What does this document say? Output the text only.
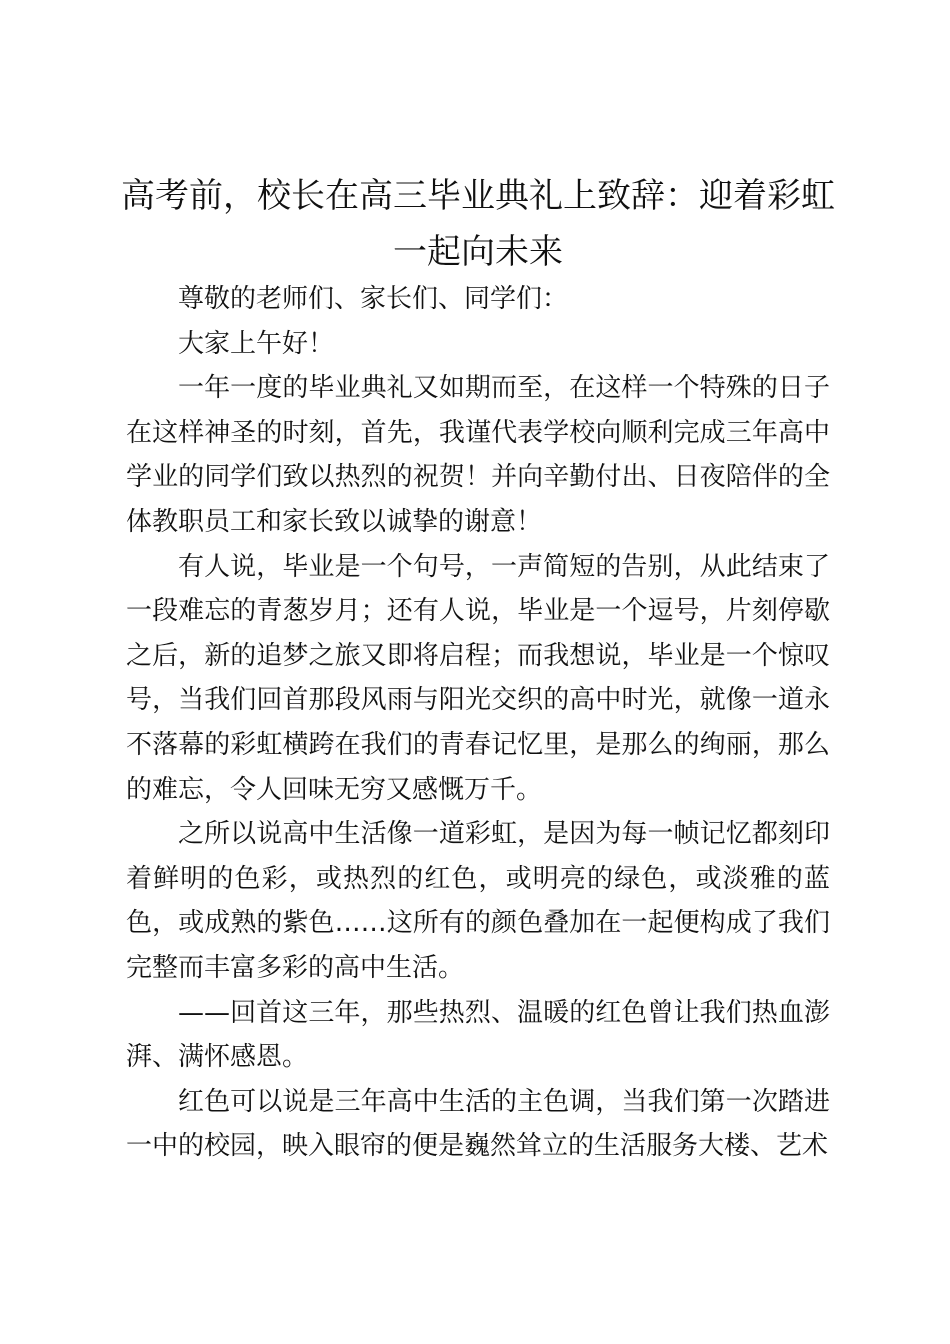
高考前，校长在高三毕业典礼上致辞：迎着彩虹一起向未来

尊敬的老师们、家长们、同学们：

大家上午好！

一年一度的毕业典礼又如期而至，在这样一个特殊的日子在这样神圣的时刻，首先，我谨代表学校向顺利完成三年高中学业的同学们致以热烈的祝贺！并向辛勤付出、日夜陪伴的全体教职员工和家长致以诚挚的谢意！

有人说，毕业是一个句号，一声简短的告别，从此结束了一段难忘的青葱岁月；还有人说，毕业是一个逗号，片刻停歇之后，新的追梦之旅又即将启程；而我想说，毕业是一个惊叹号，当我们回首那段风雨与阳光交织的高中时光，就像一道永不落幕的彩虹横跨在我们的青春记忆里，是那么的绚丽，那么的难忘，令人回味无穷又感慨万千。

之所以说高中生活像一道彩虹，是因为每一帧记忆都刻印着鲜明的色彩，或热烈的红色，或明亮的绿色，或淡雅的蓝色，或成熟的紫色……这所有的颜色叠加在一起便构成了我们完整而丰富多彩的高中生活。

——回首这三年，那些热烈、温暖的红色曾让我们热血澎湃、满怀感恩。

红色可以说是三年高中生活的主色调，当我们第一次踏进一中的校园，映入眼帘的便是巍然耸立的生活服务大楼、艺术
